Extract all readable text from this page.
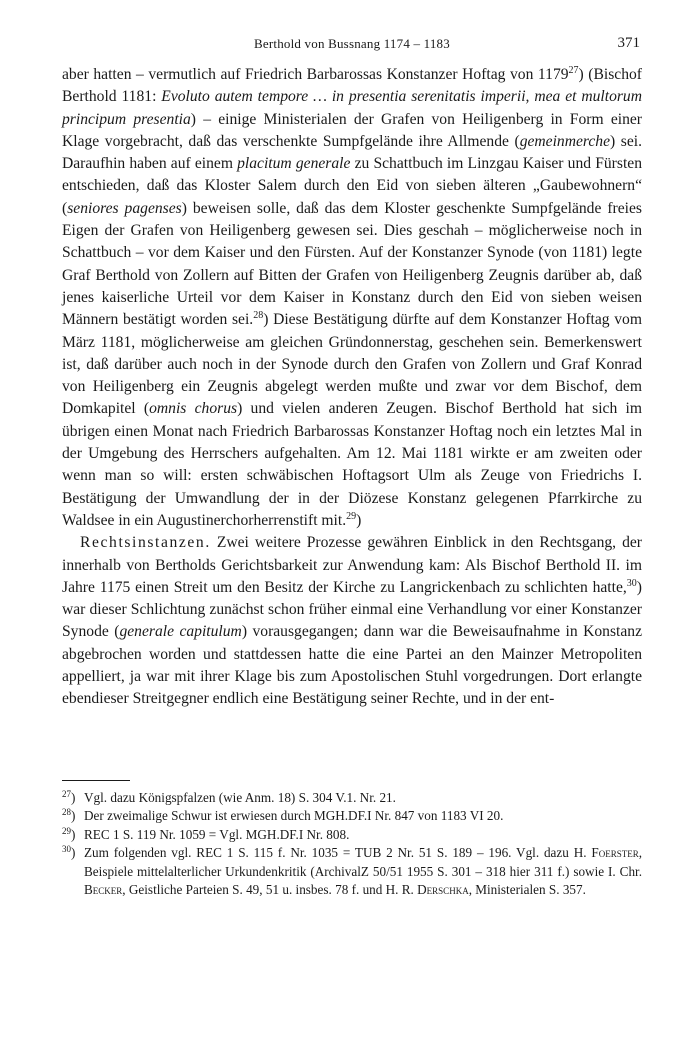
Berthold von Bussnang 1174 – 1183	371

aber hatten – vermutlich auf Friedrich Barbarossas Konstanzer Hoftag von 1179$^{27}$) (Bischof Berthold 1181: Evoluto autem tempore … in presentia serenitatis imperii, mea et multorum principum presentia) – einige Ministerialen der Grafen von Heiligenberg in Form einer Klage vorgebracht, daß das verschenkte Sumpfgelände ihre Allmende (gemeinmerche) sei. Daraufhin haben auf einem placitum generale zu Schattbuch im Linzgau Kaiser und Fürsten entschieden, daß das Kloster Salem durch den Eid von sieben älteren „Gaubewohnern“ (seniores pagenses) beweisen solle, daß das dem Kloster geschenkte Sumpfgelände freies Eigen der Grafen von Heiligenberg gewesen sei. Dies geschah – möglicherweise noch in Schattbuch – vor dem Kaiser und den Fürsten. Auf der Konstanzer Synode (von 1181) legte Graf Berthold von Zollern auf Bitten der Grafen von Heiligenberg Zeugnis darüber ab, daß jenes kaiserliche Urteil vor dem Kaiser in Konstanz durch den Eid von sieben weisen Männern bestätigt worden sei.$^{28}$) Diese Bestätigung dürfte auf dem Konstanzer Hoftag vom März 1181, möglicherweise am gleichen Gründonnerstag, geschehen sein. Bemerkenswert ist, daß darüber auch noch in der Synode durch den Grafen von Zollern und Graf Konrad von Heiligenberg ein Zeugnis abgelegt werden mußte und zwar vor dem Bischof, dem Domkapitel (omnis chorus) und vielen anderen Zeugen. Bischof Berthold hat sich im übrigen einen Monat nach Friedrich Barbarossas Konstanzer Hoftag noch ein letztes Mal in der Umgebung des Herrschers aufgehalten. Am 12. Mai 1181 wirkte er am zweiten oder wenn man so will: ersten schwäbischen Hoftagsort Ulm als Zeuge von Friedrichs I. Bestätigung der Umwandlung der in der Diözese Konstanz gelegenen Pfarrkirche zu Waldsee in ein Augustinerchorherrenstift mit.$^{29}$)

Rechtsinstanzen. Zwei weitere Prozesse gewähren Einblick in den Rechtsgang, der innerhalb von Bertholds Gerichtsbarkeit zur Anwendung kam: Als Bischof Berthold II. im Jahre 1175 einen Streit um den Besitz der Kirche zu Langrickenbach zu schlichten hatte,$^{30}$) war dieser Schlichtung zunächst schon früher einmal eine Verhandlung vor einer Konstanzer Synode (generale capitulum) vorausgegangen; dann war die Beweisaufnahme in Konstanz abgebrochen worden und stattdessen hatte die eine Partei an den Mainzer Metropoliten appelliert, ja war mit ihrer Klage bis zum Apostolischen Stuhl vorgedrungen. Dort erlangte ebendieser Streitgegner endlich eine Bestätigung seiner Rechte, und in der ent-

$^{27}$) Vgl. dazu Königspfalzen (wie Anm. 18) S. 304 V.1. Nr. 21.
$^{28}$) Der zweimalige Schwur ist erwiesen durch MGH.DF.I Nr. 847 von 1183 VI 20.
$^{29}$) REC 1 S. 119 Nr. 1059 = Vgl. MGH.DF.I Nr. 808.
$^{30}$) Zum folgenden vgl. REC 1 S. 115 f. Nr. 1035 = TUB 2 Nr. 51 S. 189 – 196. Vgl. dazu H. Foerster, Beispiele mittelalterlicher Urkundenkritik (ArchivalZ 50/51 1955 S. 301 – 318 hier 311 f.) sowie I. Chr. Becker, Geistliche Parteien S. 49, 51 u. insbes. 78 f. und H. R. Derschka, Ministerialen S. 357.
